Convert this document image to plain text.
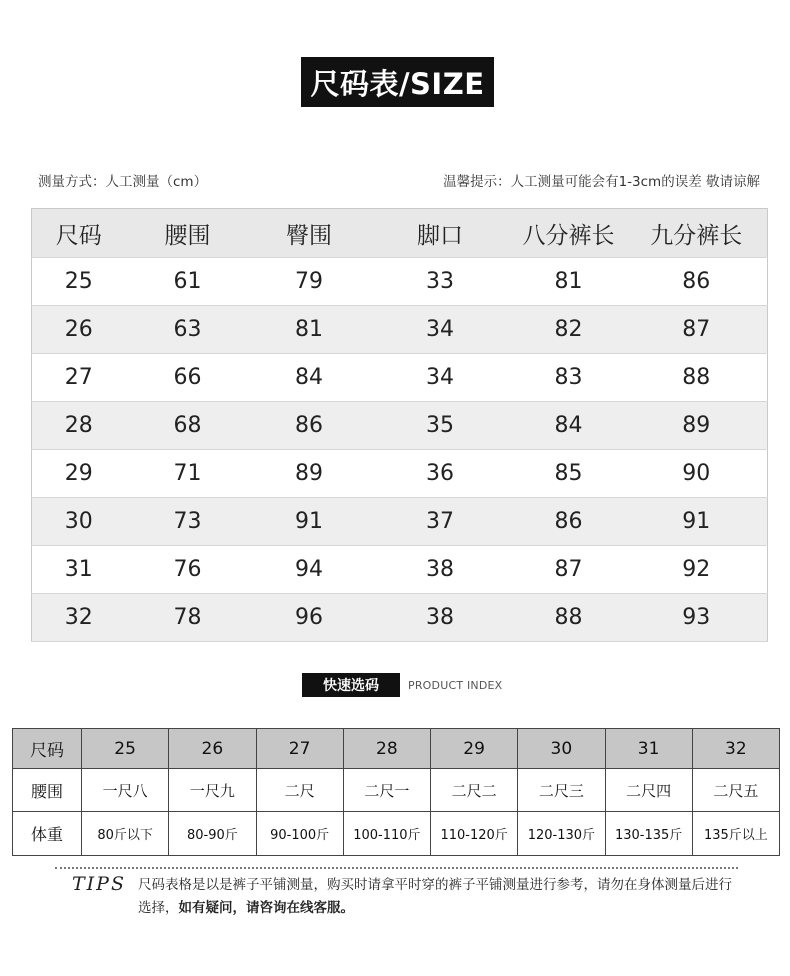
尺码表/SIZE
测量方式：人工测量（cm）	温馨提示：人工测量可能会有1-3cm的误差 敬请谅解
尺码	腰围	臀围	脚口	八分裤长	九分裤长
25	61	79	33	81	86
26	63	81	34	82	87
27	66	84	34	83	88
28	68	86	35	84	89
29	71	89	36	85	90
30	73	91	37	86	91
31	76	94	38	87	92
32	78	96	38	88	93
快速选码	PRODUCT INDEX
尺码	25	26	27	28	29	30	31	32
腰围	一尺八	一尺九	二尺	二尺一	二尺二	二尺三	二尺四	二尺五
体重	80斤以下	80-90斤	90-100斤	100-110斤	110-120斤	120-130斤	130-135斤	135斤以上
TIPS 尺码表格是以是裤子平铺测量，购买时请拿平时穿的裤子平铺测量进行参考，请勿在身体测量后进行选择，如有疑问，请咨询在线客服。
